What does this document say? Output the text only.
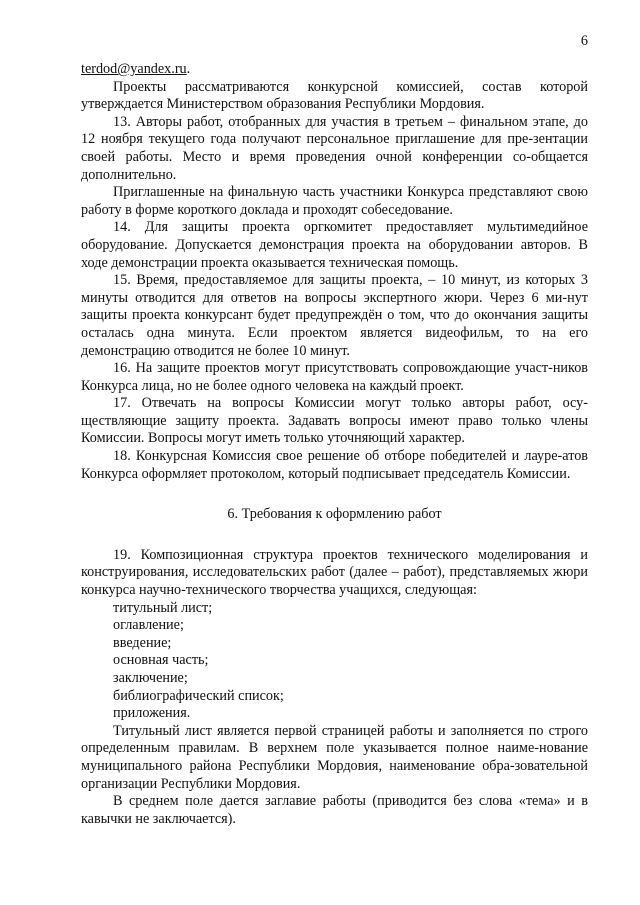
6

terdod@yandex.ru.

Проекты рассматриваются конкурсной комиссией, состав которой утверждается Министерством образования Республики Мордовия.

13. Авторы работ, отобранных для участия в третьем – финальном этапе, до 12 ноября текущего года получают персональное приглашение для пре-зентации своей работы. Место и время проведения очной конференции со-общается дополнительно.

Приглашенные на финальную часть участники Конкурса представляют свою работу в форме короткого доклада и проходят собеседование.

14. Для защиты проекта оргкомитет предоставляет мультимедийное оборудование. Допускается демонстрация проекта на оборудовании авторов. В ходе демонстрации проекта оказывается техническая помощь.

15. Время, предоставляемое для защиты проекта, – 10 минут, из которых 3 минуты отводится для ответов на вопросы экспертного жюри. Через 6 ми-нут защиты проекта конкурсант будет предупреждён о том, что до окончания защиты осталась одна минута. Если проектом является видеофильм, то на его демонстрацию отводится не более 10 минут.

16. На защите проектов могут присутствовать сопровождающие участ-ников Конкурса лица, но не более одного человека на каждый проект.

17. Отвечать на вопросы Комиссии могут только авторы работ, осу-ществляющие защиту проекта. Задавать вопросы имеют право только члены Комиссии. Вопросы могут иметь только уточняющий характер.

18. Конкурсная Комиссия свое решение об отборе победителей и лауре-атов Конкурса оформляет протоколом, который подписывает председатель Комиссии.

6. Требования к оформлению работ

19. Композиционная структура проектов технического моделирования и конструирования, исследовательских работ (далее – работ), представляемых жюри конкурса научно-технического творчества учащихся, следующая:

титульный лист;
оглавление;
введение;
основная часть;
заключение;
библиографический список;
приложения.

Титульный лист является первой страницей работы и заполняется по строго определенным правилам. В верхнем поле указывается полное наиме-нование муниципального района Республики Мордовия, наименование обра-зовательной организации Республики Мордовия.

В среднем поле дается заглавие работы (приводится без слова «тема» и в кавычки не заключается).
